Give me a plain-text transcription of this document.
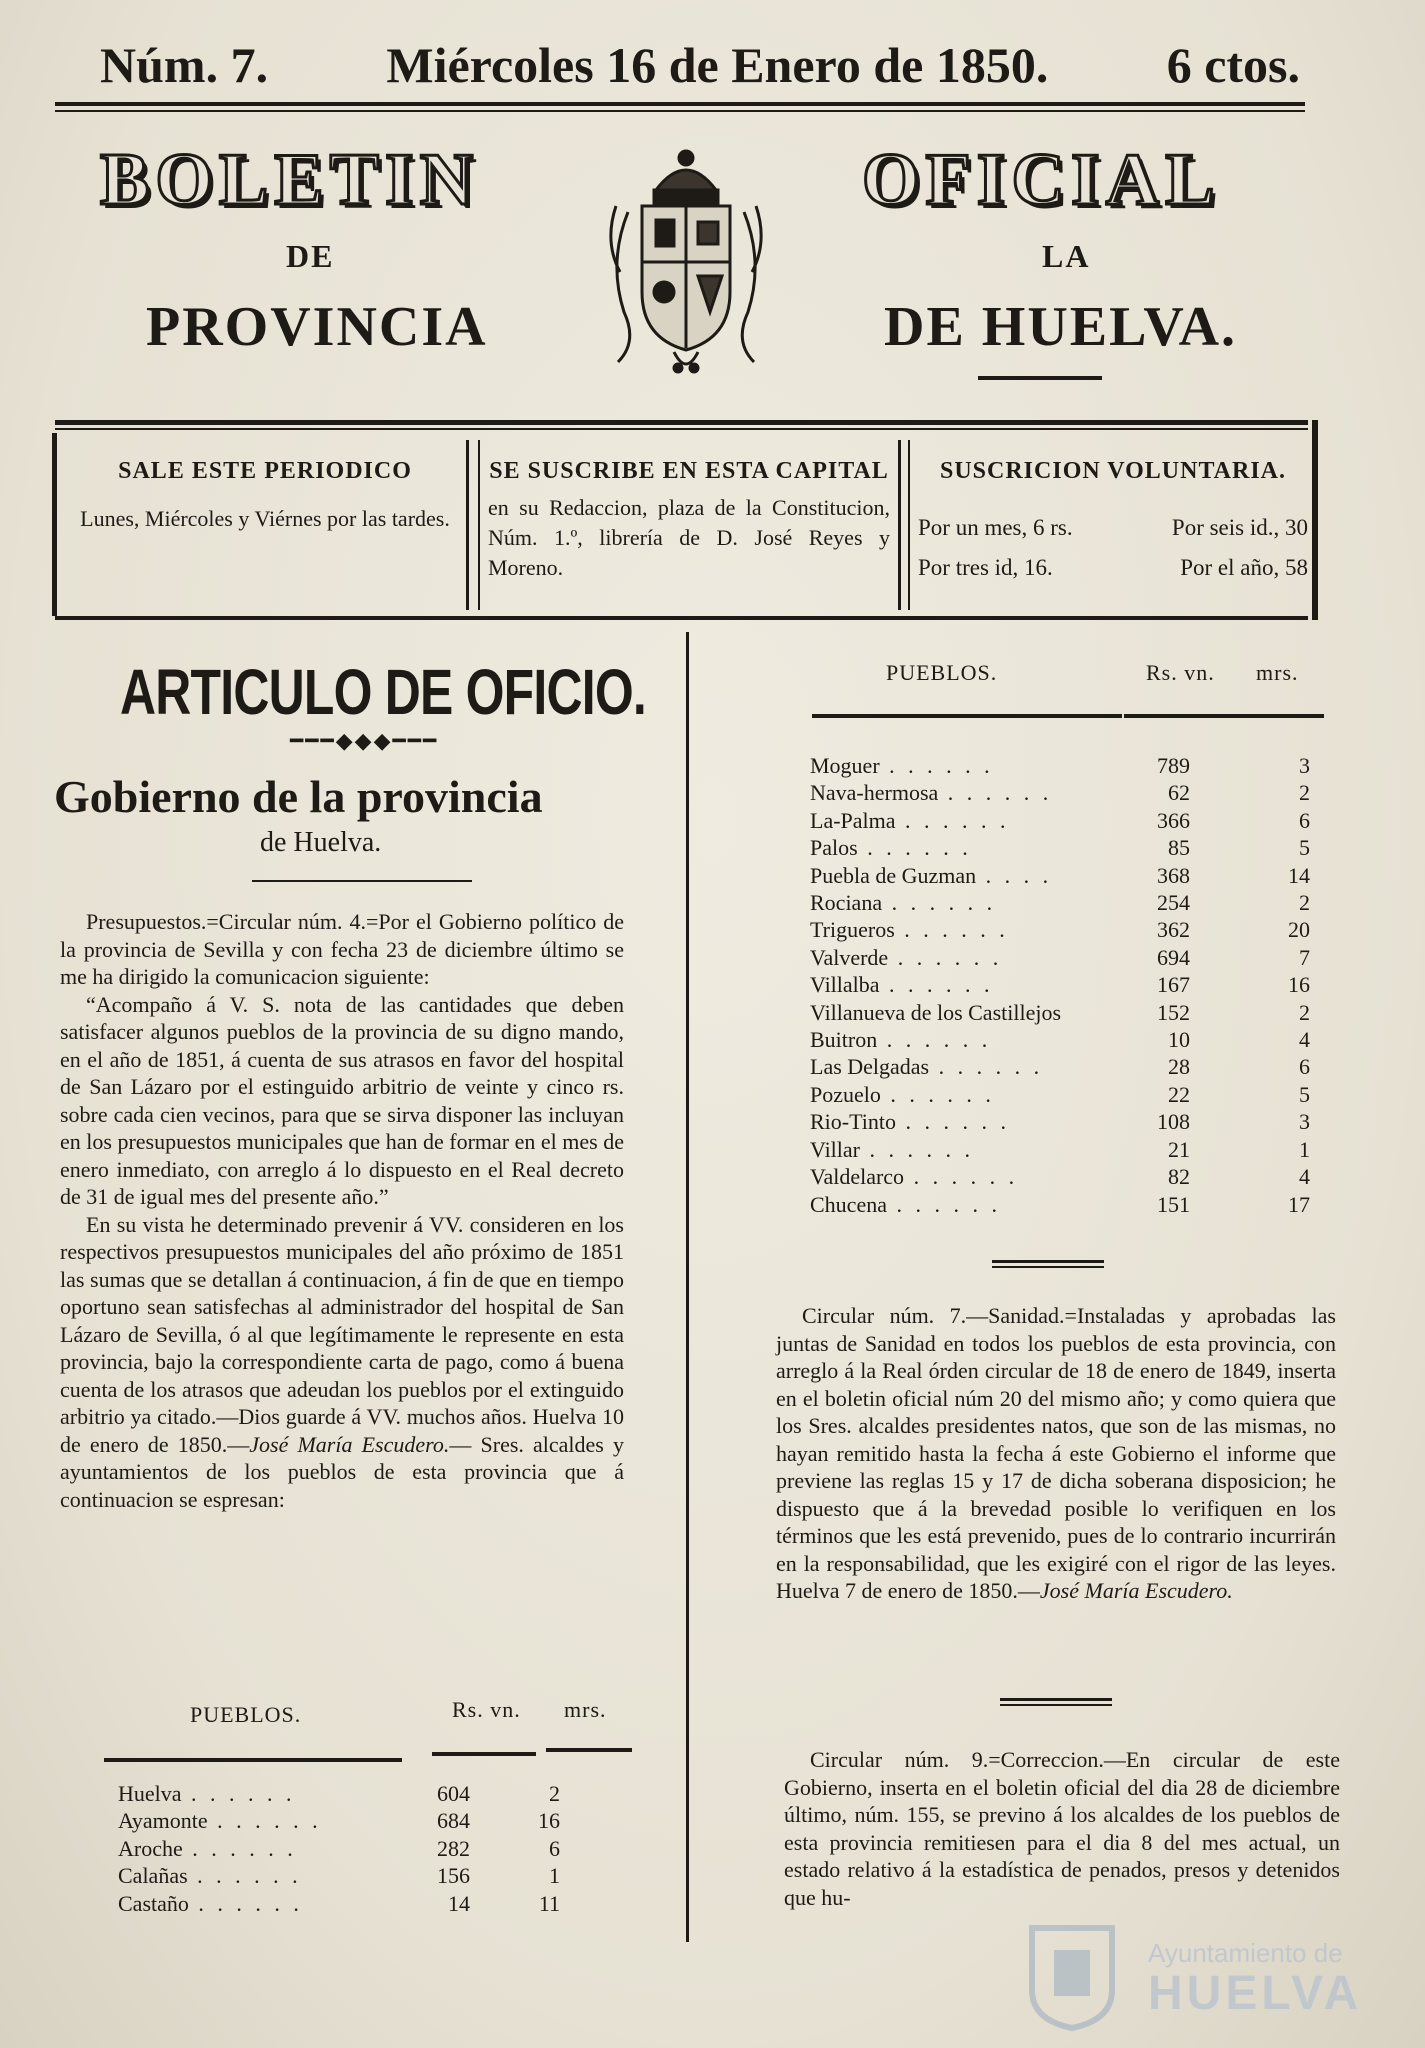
Núm. 7. Miércoles 16 de Enero de 1850. 6 ctos.
BOLETIN	OFICIAL
DE	LA
PROVINCIA	DE HUELVA.
SALE ESTE PERIODICO
Lunes, Miércoles y Viérnes por las tardes.
SE SUSCRIBE EN ESTA CAPITAL
en su Redaccion, plaza de la Constitucion, Núm. 1.º, librería de D. José Reyes y Moreno.
SUSCRICION VOLUNTARIA.
Por un mes, 6 rs.	Por seis id., 30
Por tres id, 16.	Por el año, 58
ARTICULO DE OFICIO.
━━━◆◆◆━━━
Gobierno de la provincia
de Huelva.

Presupuestos.=Circular núm. 4.=Por el Gobierno político de la provincia de Sevilla y con fecha 23 de diciembre último se me ha dirigido la comunicacion siguiente:

“Acompaño á V. S. nota de las cantidades que deben satisfacer algunos pueblos de la provincia de su digno mando, en el año de 1851, á cuenta de sus atrasos en favor del hospital de San Lázaro por el estinguido arbitrio de veinte y cinco rs. sobre cada cien vecinos, para que se sirva disponer las incluyan en los presupuestos municipales que han de formar en el mes de enero inmediato, con arreglo á lo dispuesto en el Real decreto de 31 de igual mes del presente año.”

En su vista he determinado prevenir á VV. consideren en los respectivos presupuestos municipales del año próximo de 1851 las sumas que se detallan á continuacion, á fin de que en tiempo oportuno sean satisfechas al administrador del hospital de San Lázaro de Sevilla, ó al que legítimamente le represente en esta provincia, bajo la correspondiente carta de pago, como á buena cuenta de los atrasos que adeudan los pueblos por el extinguido arbitrio ya citado.—Dios guarde á VV. muchos años. Huelva 10 de enero de 1850.—José María Escudero.— Sres. alcaldes y ayuntamientos de los pueblos de esta provincia que á continuacion se espresan:

PUEBLOS.	Rs. vn. mrs.
Huelva . . . . . .	604	2
Ayamonte . . . . . .	684	16
Aroche . . . . . .	282	6
Calañas . . . . . .	156	1
Castaño . . . . . .	14	11
PUEBLOS.	Rs. vn. mrs.
Moguer . . . . . .	789	3
Nava-hermosa . . . . . .	62	2
La-Palma . . . . . .	366	6
Palos . . . . . .	85	5
Puebla de Guzman . . . .	368	14
Rociana . . . . . .	254	2
Trigueros . . . . . .	362	20
Valverde . . . . . .	694	7
Villalba . . . . . .	167	16
Villanueva de los Castillejos	152	2
Buitron . . . . . .	10	4
Las Delgadas . . . . . .	28	6
Pozuelo . . . . . .	22	5
Rio-Tinto . . . . . .	108	3
Villar . . . . . .	21	1
Valdelarco . . . . . .	82	4
Chucena . . . . . .	151	17

Circular núm. 7.—Sanidad.=Instaladas y aprobadas las juntas de Sanidad en todos los pueblos de esta provincia, con arreglo á la Real órden circular de 18 de enero de 1849, inserta en el boletin oficial núm 20 del mismo año; y como quiera que los Sres. alcaldes presidentes natos, que son de las mismas, no hayan remitido hasta la fecha á este Gobierno el informe que previene las reglas 15 y 17 de dicha soberana disposicion; he dispuesto que á la brevedad posible lo verifiquen en los términos que les está prevenido, pues de lo contrario incurrirán en la responsabilidad, que les exigiré con el rigor de las leyes. Huelva 7 de enero de 1850.—José María Escudero.

Circular núm. 9.=Correccion.—En circular de este Gobierno, inserta en el boletin oficial del dia 28 de diciembre último, núm. 155, se previno á los alcaldes de los pueblos de esta provincia remitiesen para el dia 8 del mes actual, un estado relativo á la estadística de penados, presos y detenidos que hu-

Ayuntamiento de
HUELVA
